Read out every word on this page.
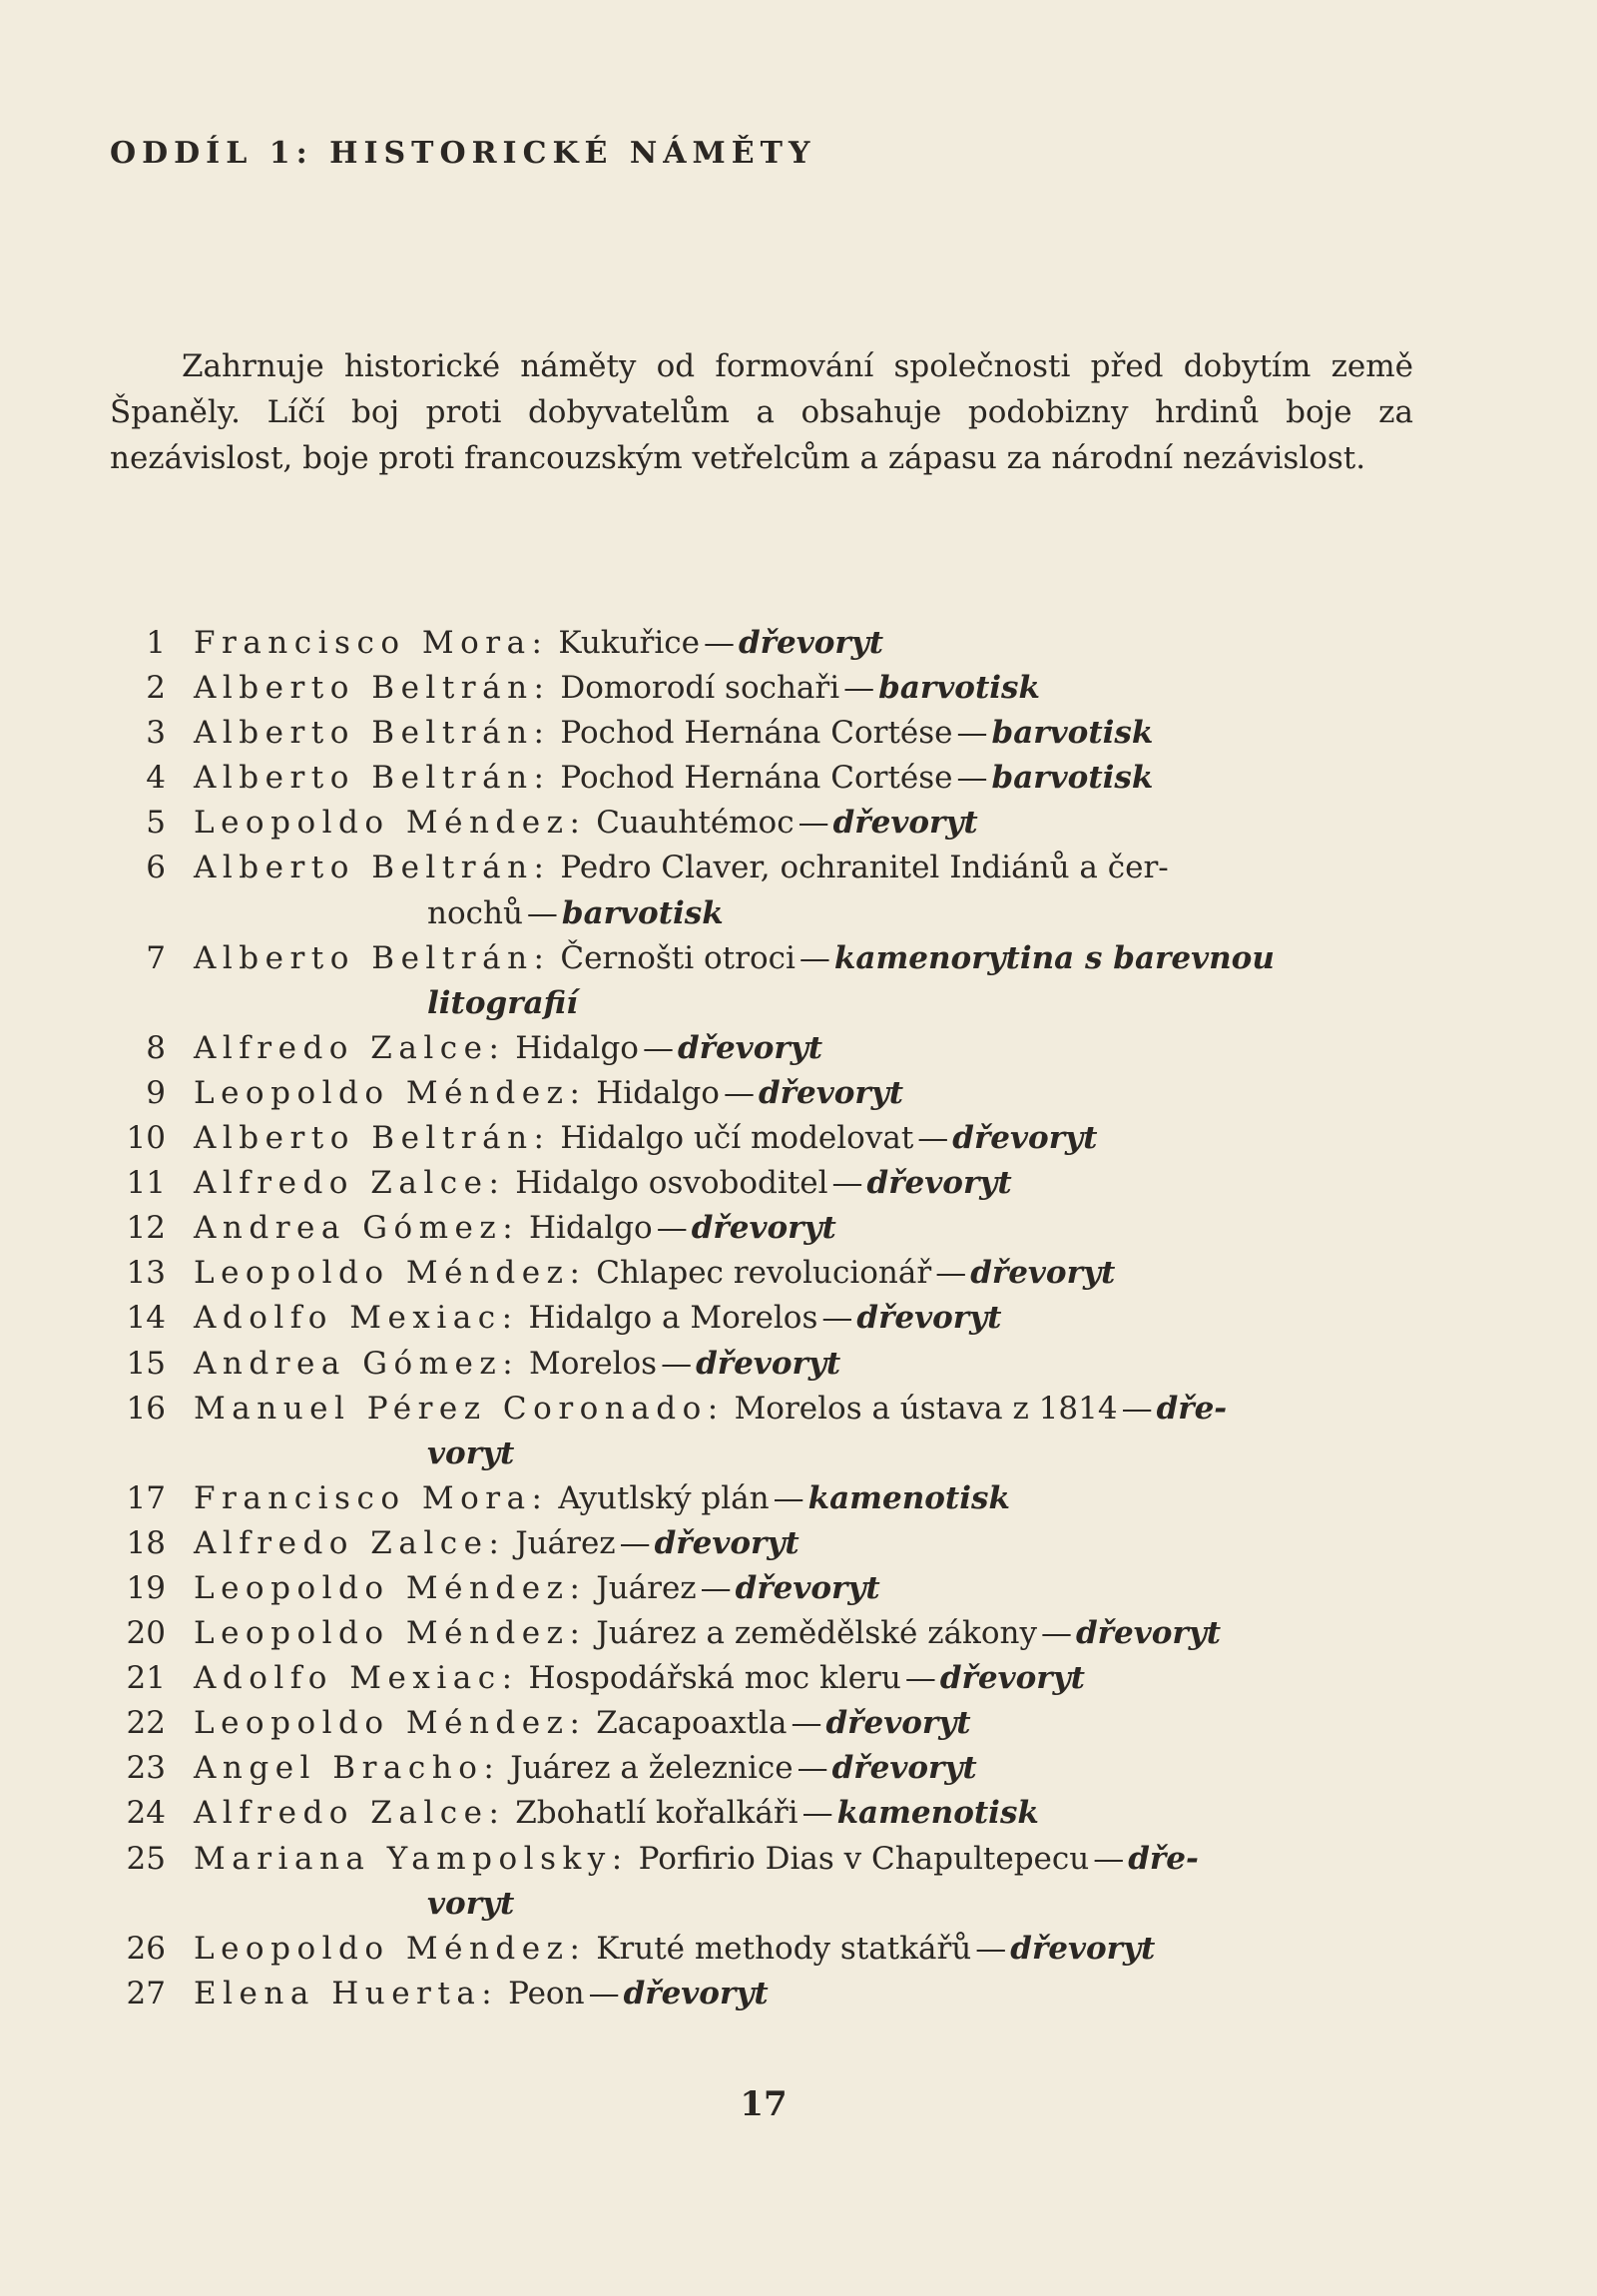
ODDÍL 1: HISTORICKÉ NÁMĚTY

Zahrnuje historické náměty od formování společnosti před dobytím země Španěly. Líčí boj proti dobyvatelům a obsahuje podobizny hrdinů boje za nezávislost, boje proti francouzským vetřelcům a zápasu za národní nezávislost.

1 Francisco Mora: Kukuřice — dřevoryt
2 Alberto Beltrán: Domorodí sochaři — barvotisk
3 Alberto Beltrán: Pochod Hernána Cortése — barvotisk
4 Alberto Beltrán: Pochod Hernána Cortése — barvotisk
5 Leopoldo Méndez: Cuauhtémoc — dřevoryt
6 Alberto Beltrán: Pedro Claver, ochranitel Indiánů a čer-
nochů — barvotisk
7 Alberto Beltrán: Černošti otroci — kamenorytina s barevnou
litografií
8 Alfredo Zalce: Hidalgo — dřevoryt
9 Leopoldo Méndez: Hidalgo — dřevoryt
10 Alberto Beltrán: Hidalgo učí modelovat — dřevoryt
11 Alfredo Zalce: Hidalgo osvoboditel — dřevoryt
12 Andrea Gómez: Hidalgo — dřevoryt
13 Leopoldo Méndez: Chlapec revolucionář — dřevoryt
14 Adolfo Mexiac: Hidalgo a Morelos — dřevoryt
15 Andrea Gómez: Morelos — dřevoryt
16 Manuel Pérez Coronado: Morelos a ústava z 1814 — dře-
voryt
17 Francisco Mora: Ayutlský plán — kamenotisk
18 Alfredo Zalce: Juárez — dřevoryt
19 Leopoldo Méndez: Juárez — dřevoryt
20 Leopoldo Méndez: Juárez a zemědělské zákony — dřevoryt
21 Adolfo Mexiac: Hospodářská moc kleru — dřevoryt
22 Leopoldo Méndez: Zacapoaxtla — dřevoryt
23 Angel Bracho: Juárez a železnice — dřevoryt
24 Alfredo Zalce: Zbohatlí kořalkáři — kamenotisk
25 Mariana Yampolsky: Porfirio Dias v Chapultepecu — dře-
voryt
26 Leopoldo Méndez: Kruté methody statkářů — dřevoryt
27 Elena Huerta: Peon — dřevoryt
17
